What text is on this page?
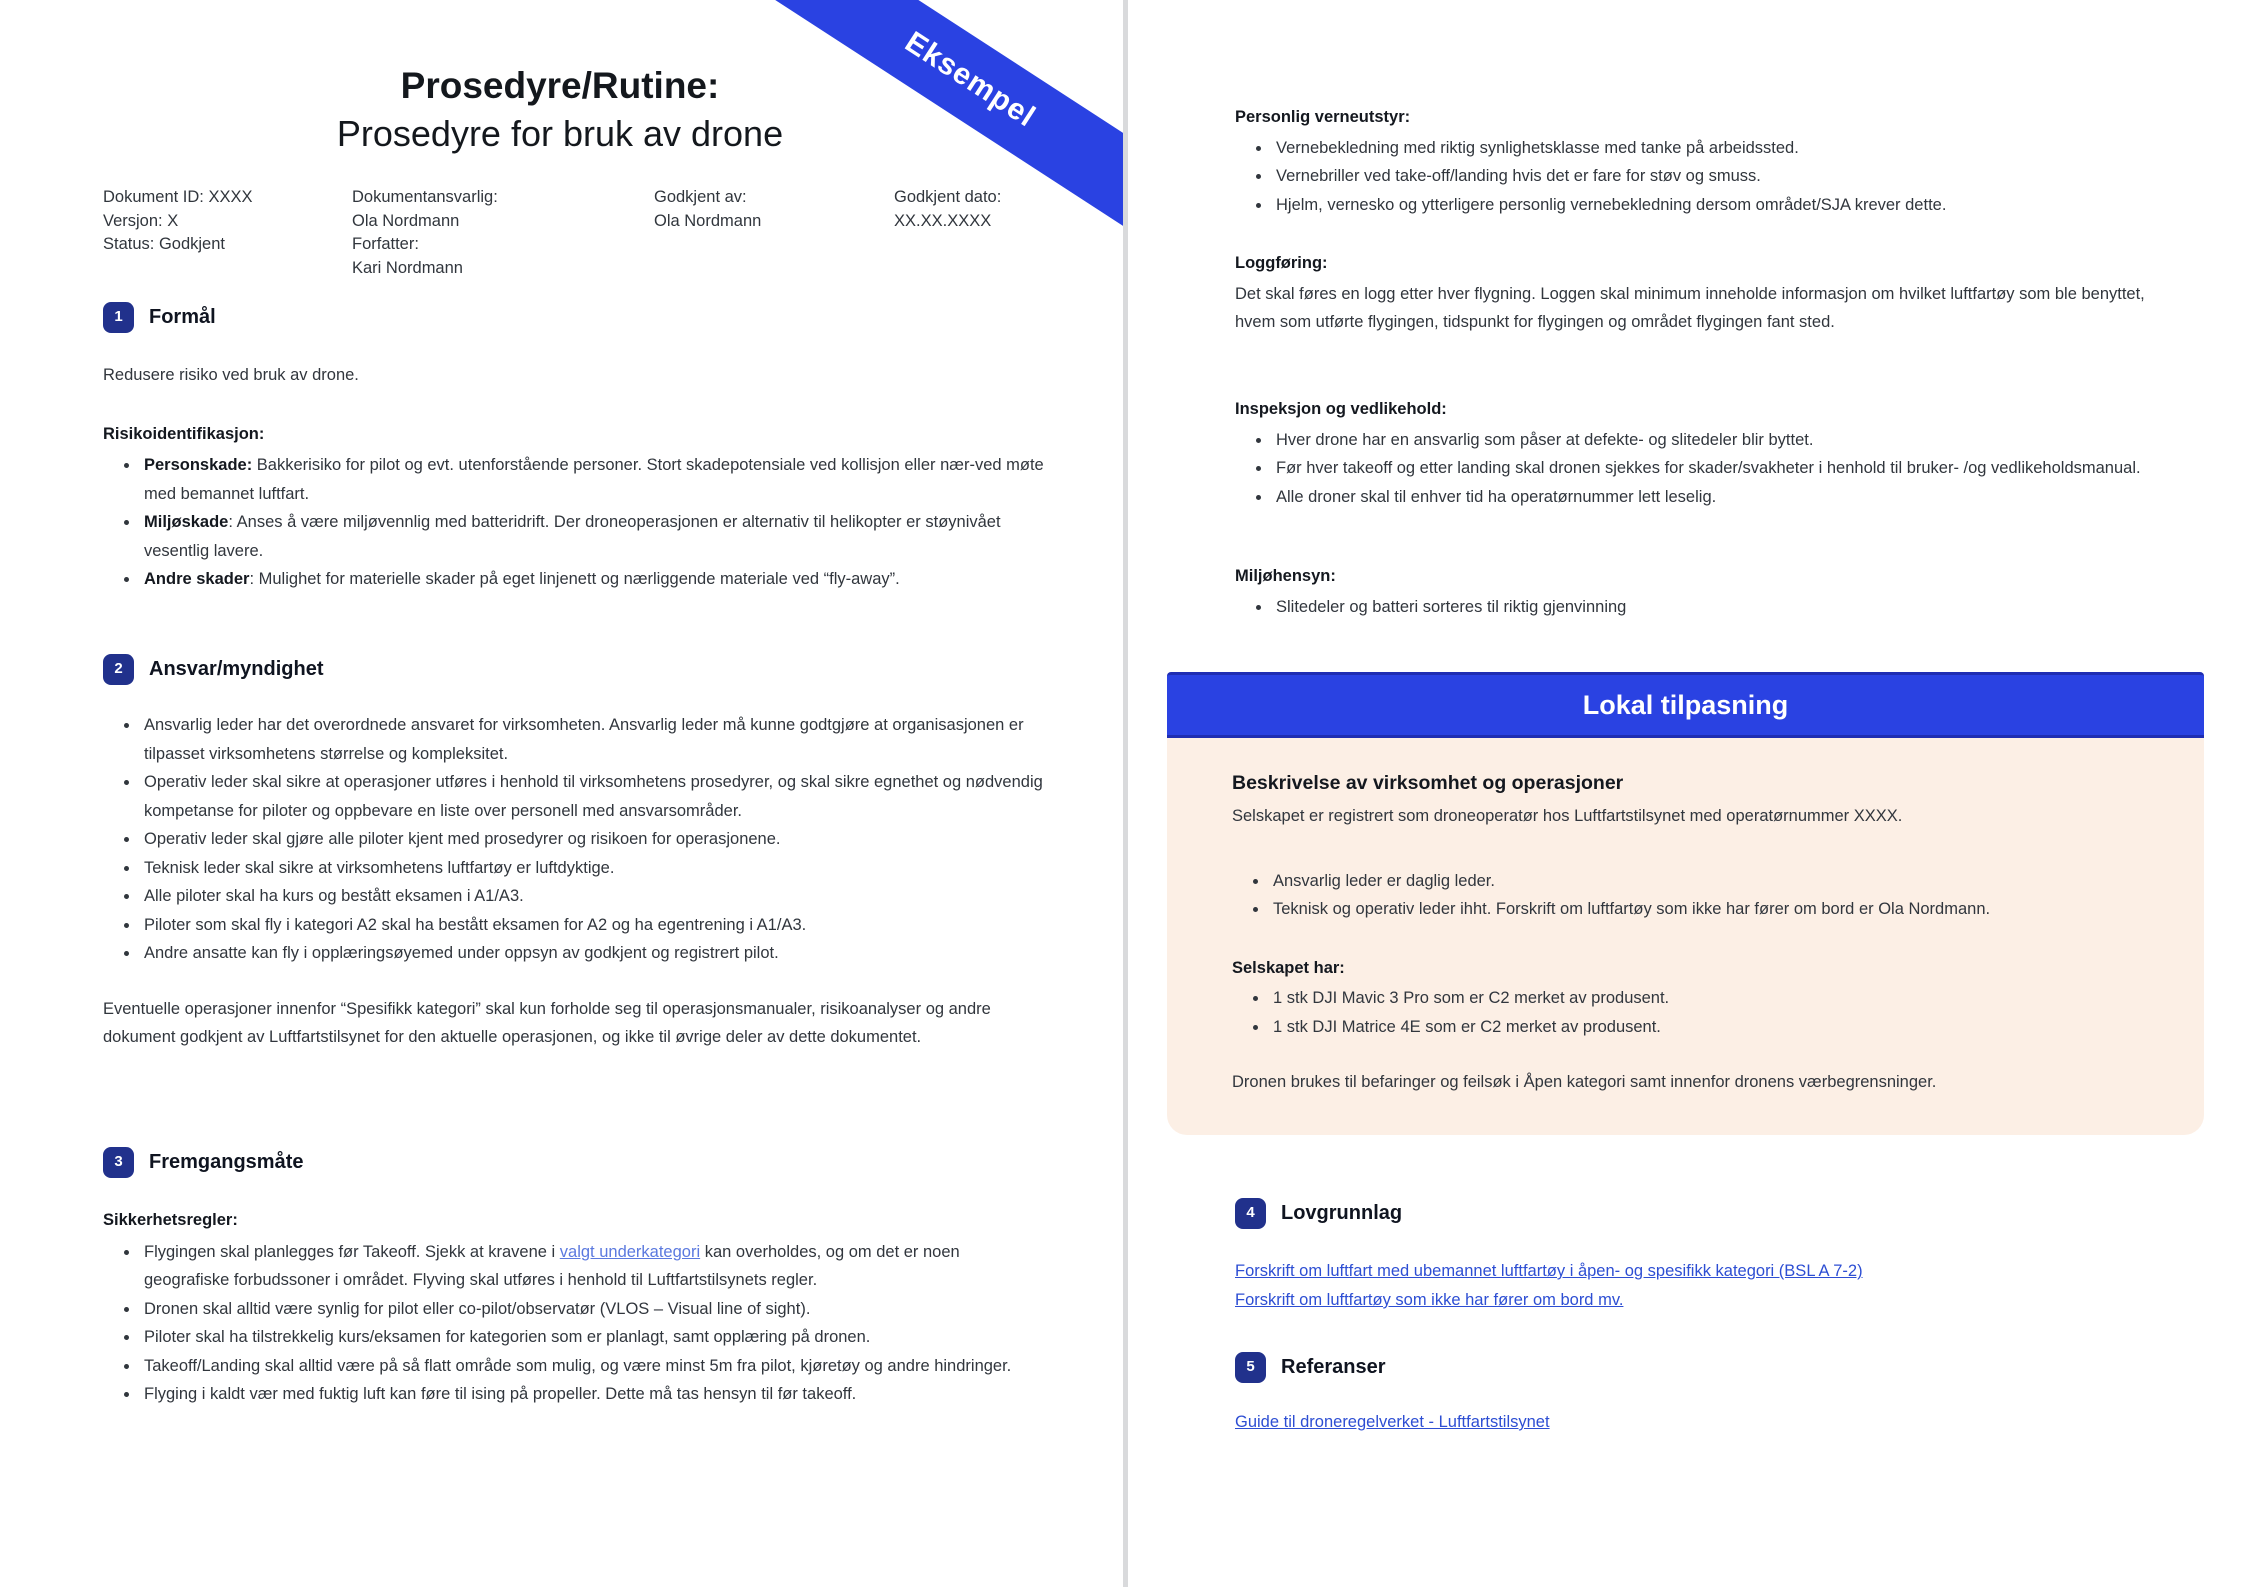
Eksempel
Prosedyre/Rutine:
Prosedyre for bruk av drone
Dokument ID: XXXX
Versjon: X
Status: Godkjent
Dokumentansvarlig:
Ola Nordmann
Forfatter:
Kari Nordmann
Godkjent av:
Ola Nordmann
Godkjent dato:
XX.XX.XXXX
1	Formål

Redusere risiko ved bruk av drone.

Risikoidentifikasjon:

• Personskade: Bakkerisiko for pilot og evt. utenforstående personer. Stort skadepotensiale ved kollisjon eller nær-ved møte med bemannet luftfart.
• Miljøskade: Anses å være miljøvennlig med batteridrift. Der droneoperasjonen er alternativ til helikopter er støynivået vesentlig lavere.
• Andre skader: Mulighet for materielle skader på eget linjenett og nærliggende materiale ved “fly-away”.
2	Ansvar/myndighet
• Ansvarlig leder har det overordnede ansvaret for virksomheten. Ansvarlig leder må kunne godtgjøre at organisasjonen er tilpasset virksomhetens størrelse og kompleksitet.
• Operativ leder skal sikre at operasjoner utføres i henhold til virksomhetens prosedyrer, og skal sikre egnethet og nødvendig kompetanse for piloter og oppbevare en liste over personell med ansvarsområder.
• Operativ leder skal gjøre alle piloter kjent med prosedyrer og risikoen for operasjonene.
• Teknisk leder skal sikre at virksomhetens luftfartøy er luftdyktige.
• Alle piloter skal ha kurs og bestått eksamen i A1/A3.
• Piloter som skal fly i kategori A2 skal ha bestått eksamen for A2 og ha egentrening i A1/A3.
• Andre ansatte kan fly i opplæringsøyemed under oppsyn av godkjent og registrert pilot.

Eventuelle operasjoner innenfor “Spesifikk kategori” skal kun forholde seg til operasjonsmanualer, risikoanalyser og andre dokument godkjent av Luftfartstilsynet for den aktuelle operasjonen, og ikke til øvrige deler av dette dokumentet.

3	Fremgangsmåte

Sikkerhetsregler:

• Flygingen skal planlegges før Takeoff. Sjekk at kravene i valgt underkategori kan overholdes, og om det er noen geografiske forbudssoner i området. Flyving skal utføres i henhold til Luftfartstilsynets regler.
• Dronen skal alltid være synlig for pilot eller co-pilot/observatør (VLOS – Visual line of sight).
• Piloter skal ha tilstrekkelig kurs/eksamen for kategorien som er planlagt, samt opplæring på dronen.
• Takeoff/Landing skal alltid være på så flatt område som mulig, og være minst 5m fra pilot, kjøretøy og andre hindringer.
• Flyging i kaldt vær med fuktig luft kan føre til ising på propeller. Dette må tas hensyn til før takeoff.

Personlig verneutstyr:

• Vernebekledning med riktig synlighetsklasse med tanke på arbeidssted.
• Vernebriller ved take-off/landing hvis det er fare for støv og smuss.
• Hjelm, vernesko og ytterligere personlig vernebekledning dersom området/SJA krever dette.

Loggføring:

Det skal føres en logg etter hver flygning. Loggen skal minimum inneholde informasjon om hvilket luftfartøy som ble benyttet, hvem som utførte flygingen, tidspunkt for flygingen og området flygingen fant sted.

Inspeksjon og vedlikehold:

• Hver drone har en ansvarlig som påser at defekte- og slitedeler blir byttet.
• Før hver takeoff og etter landing skal dronen sjekkes for skader/svakheter i henhold til bruker- /og vedlikeholdsmanual.
• Alle droner skal til enhver tid ha operatørnummer lett leselig.

Miljøhensyn:

• Slitedeler og batteri sorteres til riktig gjenvinning
Lokal tilpasning
Beskrivelse av virksomhet og operasjoner

Selskapet er registrert som droneoperatør hos Luftfartstilsynet med operatørnummer XXXX.

• Ansvarlig leder er daglig leder.
• Teknisk og operativ leder ihht. Forskrift om luftfartøy som ikke har fører om bord er Ola Nordmann.

Selskapet har:

• 1 stk DJI Mavic 3 Pro som er C2 merket av produsent.
• 1 stk DJI Matrice 4E som er C2 merket av produsent.

Dronen brukes til befaringer og feilsøk i Åpen kategori samt innenfor dronens værbegrensninger.

4	Lovgrunnlag
Forskrift om luftfart med ubemannet luftfartøy i åpen- og spesifikk kategori (BSL A 7-2)
Forskrift om luftfartøy som ikke har fører om bord mv.
5	Referanser
Guide til droneregelverket - Luftfartstilsynet
